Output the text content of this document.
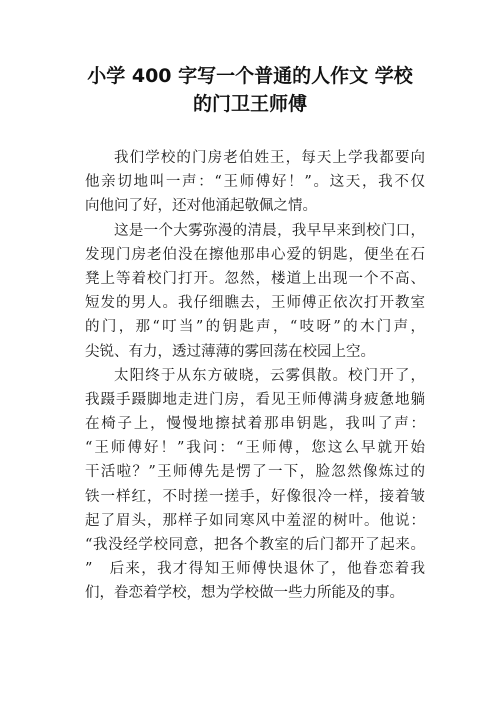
小学 400 字写一个普通的人作文 学校
的门卫王师傅
我们学校的门房老伯姓王，每天上学我都要向
他亲切地叫一声：“王师傅好！”。这天，我不仅
向他问了好，还对他涌起敬佩之情。
这是一个大雾弥漫的清晨，我早早来到校门口，
发现门房老伯没在擦他那串心爱的钥匙，便坐在石
凳上等着校门打开。忽然，楼道上出现一个不高、
短发的男人。我仔细瞧去，王师傅正依次打开教室
的门，那“叮当”的钥匙声，“吱呀”的木门声，
尖锐、有力，透过薄薄的雾回荡在校园上空。
太阳终于从东方破晓，云雾俱散。校门开了，
我蹑手蹑脚地走进门房，看见王师傅满身疲惫地躺
在椅子上，慢慢地擦拭着那串钥匙，我叫了声：
“王师傅好！”我问：“王师傅，您这么早就开始
干活啦？”王师傅先是愣了一下，脸忽然像炼过的
铁一样红，不时搓一搓手，好像很冷一样，接着皱
起了眉头，那样子如同寒风中羞涩的树叶。他说：
“我没经学校同意，把各个教室的后门都开了起来。
”　后来，我才得知王师傅快退休了，他眷恋着我
们，眷恋着学校，想为学校做一些力所能及的事。
